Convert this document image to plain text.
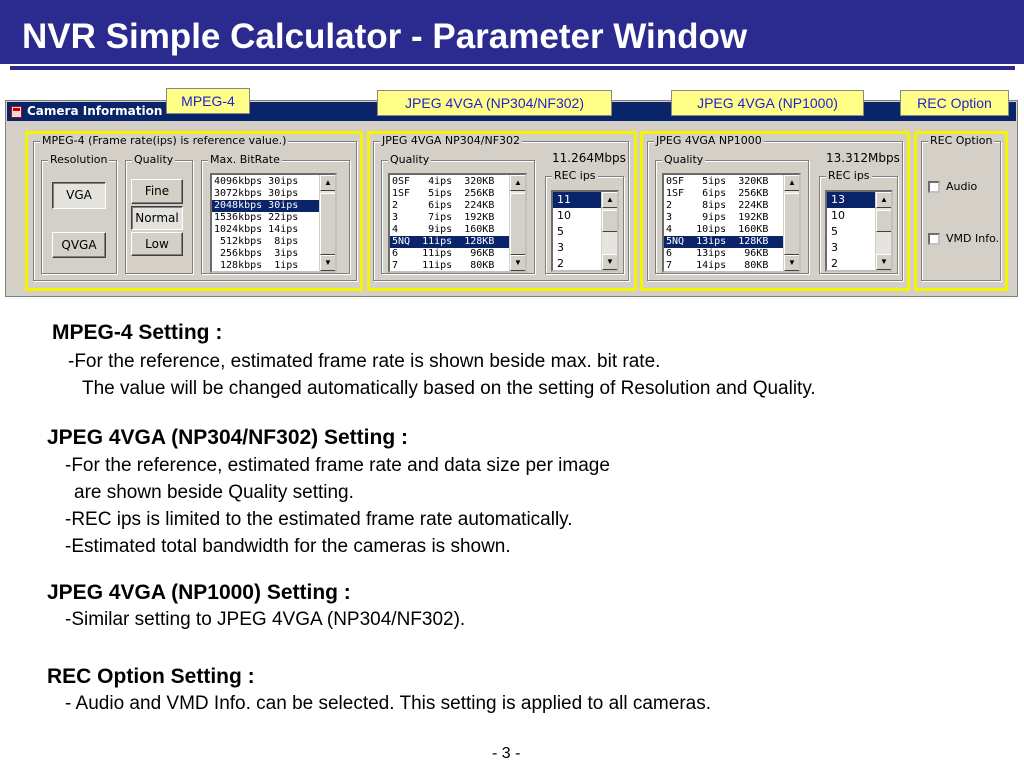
NVR Simple Calculator - Parameter Window
Camera Information
MPEG-4 (Frame rate(ips) is reference value.)
Resolution
VGA
QVGA
Quality
Fine
Normal
Low
Max. BitRate
4096kbps 30ips
3072kbps 30ips
2048kbps 30ips
1536kbps 22ips
1024kbps 14ips
512kbps  8ips
256kbps  3ips
128kbps  1ips
▲
▼
JPEG 4VGA NP304/NF302
Quality
0SF   4ips  320KB
1SF   5ips  256KB
2     6ips  224KB
3     7ips  192KB
4     9ips  160KB
5NQ  11ips  128KB
6    11ips   96KB
7    11ips   80KB
▲
▼
11.264Mbps
REC ips
11
10
5
3
2
▲
▼
JPEG 4VGA NP1000
Quality
0SF   5ips  320KB
1SF   6ips  256KB
2     8ips  224KB
3     9ips  192KB
4    10ips  160KB
5NQ  13ips  128KB
6    13ips   96KB
7    14ips   80KB
▲
▼
13.312Mbps
REC ips
13
10
5
3
2
▲
▼
REC Option
Audio
VMD Info.
MPEG-4	JPEG 4VGA (NP304/NF302)	JPEG 4VGA (NP1000)	REC Option
MPEG-4 Setting :
-For the reference, estimated frame rate is shown beside max. bit rate.
The value will be changed automatically based on the setting of Resolution and Quality.
JPEG 4VGA (NP304/NF302) Setting :
-For the reference, estimated frame rate and data size per image
are shown beside Quality setting.
-REC ips is limited to the estimated frame rate automatically.
-Estimated total bandwidth for the cameras is shown.
JPEG 4VGA (NP1000) Setting :
-Similar setting to JPEG 4VGA (NP304/NF302).
REC Option Setting :
- Audio and VMD Info. can be selected. This setting is applied to all cameras.
- 3 -
